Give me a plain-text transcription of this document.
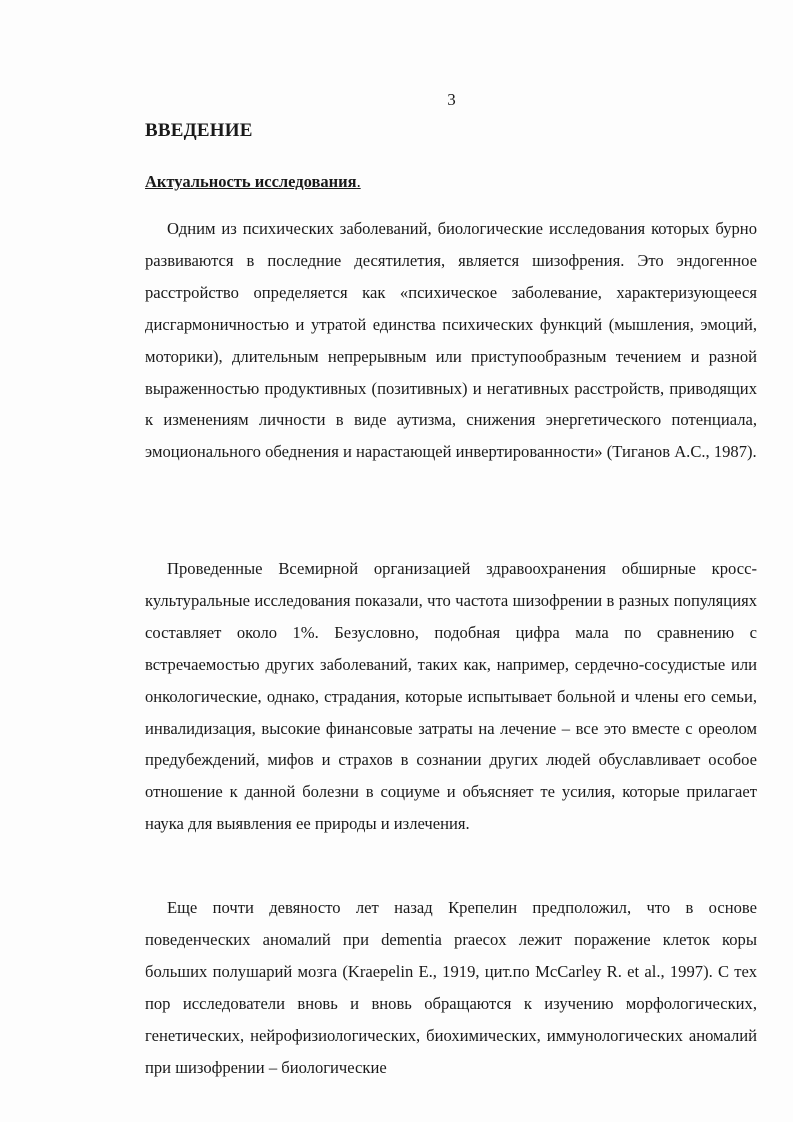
3
ВВЕДЕНИЕ
Актуальность исследования.

Одним из психических заболеваний, биологические исследования которых бурно развиваются в последние десятилетия, является шизофрения. Это эндогенное расстройство определяется как «психическое заболевание, характеризующееся дисгармоничностью и утратой единства психических функций (мышления, эмоций, моторики), длительным непрерывным или приступообразным течением и разной выраженностью продуктивных (позитивных) и негативных расстройств, приводящих к изменениям личности в виде аутизма, снижения энергетического потенциала, эмоционального обеднения и нарастающей инвертированности» (Тиганов А.С., 1987).

Проведенные Всемирной организацией здравоохранения обширные кросс-культуральные исследования показали, что частота шизофрении в разных популяциях составляет около 1%. Безусловно, подобная цифра мала по сравнению с встречаемостью других заболеваний, таких как, например, сердечно-сосудистые или онкологические, однако, страдания, которые испытывает больной и члены его семьи, инвалидизация, высокие финансовые затраты на лечение – все это вместе с ореолом предубеждений, мифов и страхов в сознании других людей обуславливает особое отношение к данной болезни в социуме и объясняет те усилия, которые прилагает наука для выявления ее природы и излечения.

Еще почти девяносто лет назад Крепелин предположил, что в основе поведенческих аномалий при dementia praecox лежит поражение клеток коры больших полушарий мозга (Kraepelin E., 1919, цит.по McCarley R. et al., 1997). С тех пор исследователи вновь и вновь обращаются к изучению морфологических, генетических, нейрофизиологических, биохимических, иммунологических аномалий при шизофрении – биологические
